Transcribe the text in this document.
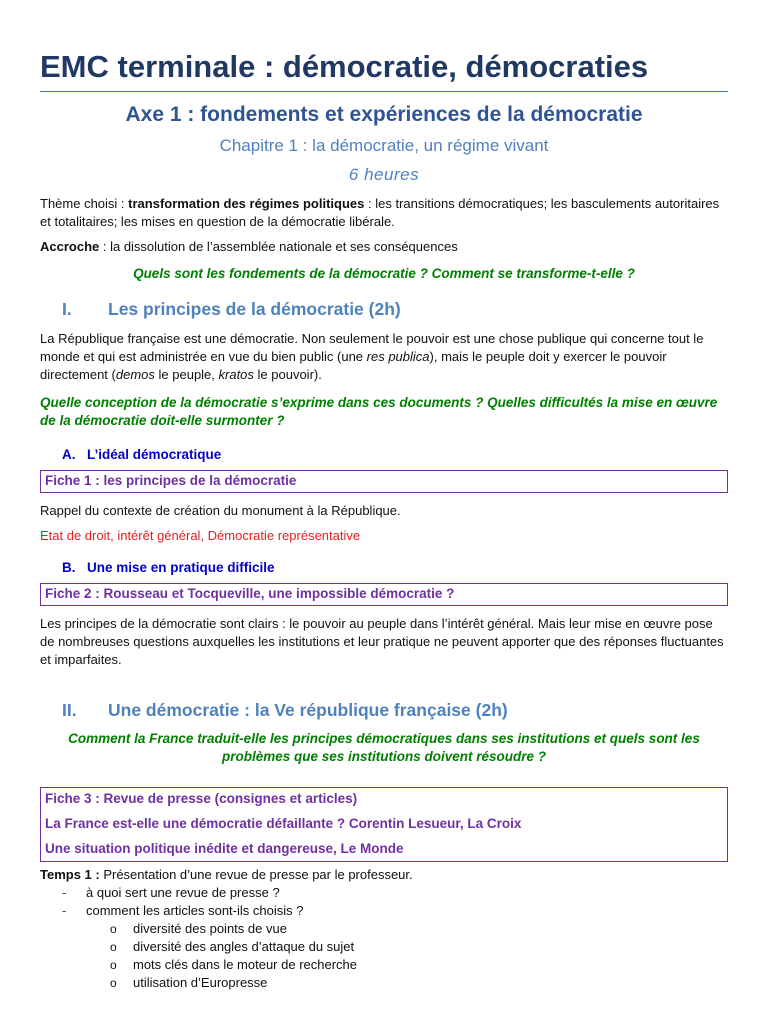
EMC terminale : démocratie, démocraties
Axe 1 : fondements et expériences de la démocratie
Chapitre 1 : la démocratie, un régime vivant
6 heures

Thème choisi : transformation des régimes politiques : les transitions démocratiques; les basculements autoritaires et totalitaires; les mises en question de la démocratie libérale.

Accroche : la dissolution de l’assemblée nationale et ses conséquences

Quels sont les fondements de la démocratie ? Comment se transforme-t-elle ?
I.	Les principes de la démocratie (2h)

La République française est une démocratie. Non seulement le pouvoir est une chose publique qui concerne tout le monde et qui est administrée en vue du bien public (une res publica), mais le peuple doit y exercer le pouvoir directement (demos le peuple, kratos le pouvoir).

Quelle conception de la démocratie s’exprime dans ces documents ? Quelles difficultés la mise en œuvre de la démocratie doit-elle surmonter ?
A. L’idéal démocratique
Fiche 1 : les principes de la démocratie

Rappel du contexte de création du monument à la République.

Etat de droit, intérêt général, Démocratie représentative
B. Une mise en pratique difficile
Fiche 2 : Rousseau et Tocqueville, une impossible démocratie ?

Les principes de la démocratie sont clairs : le pouvoir au peuple dans l’intérêt général. Mais leur mise en œuvre pose de nombreuses questions auxquelles les institutions et leur pratique ne peuvent apporter que des réponses fluctuantes et imparfaites.

II.	Une démocratie : la Ve république française (2h)
Comment la France traduit-elle les principes démocratiques dans ses institutions et quels sont les problèmes que ses institutions doivent résoudre ?
Fiche 3 : Revue de presse (consignes et articles)
La France est-elle une démocratie défaillante ? Corentin Lesueur, La Croix
Une situation politique inédite et dangereuse, Le Monde

Temps 1 : Présentation d’une revue de presse par le professeur.

-	à quoi sert une revue de presse ?
-	comment les articles sont-ils choisis ?
o	diversité des points de vue
o	diversité des angles d’attaque du sujet
o	mots clés dans le moteur de recherche
o	utilisation d’Europresse
